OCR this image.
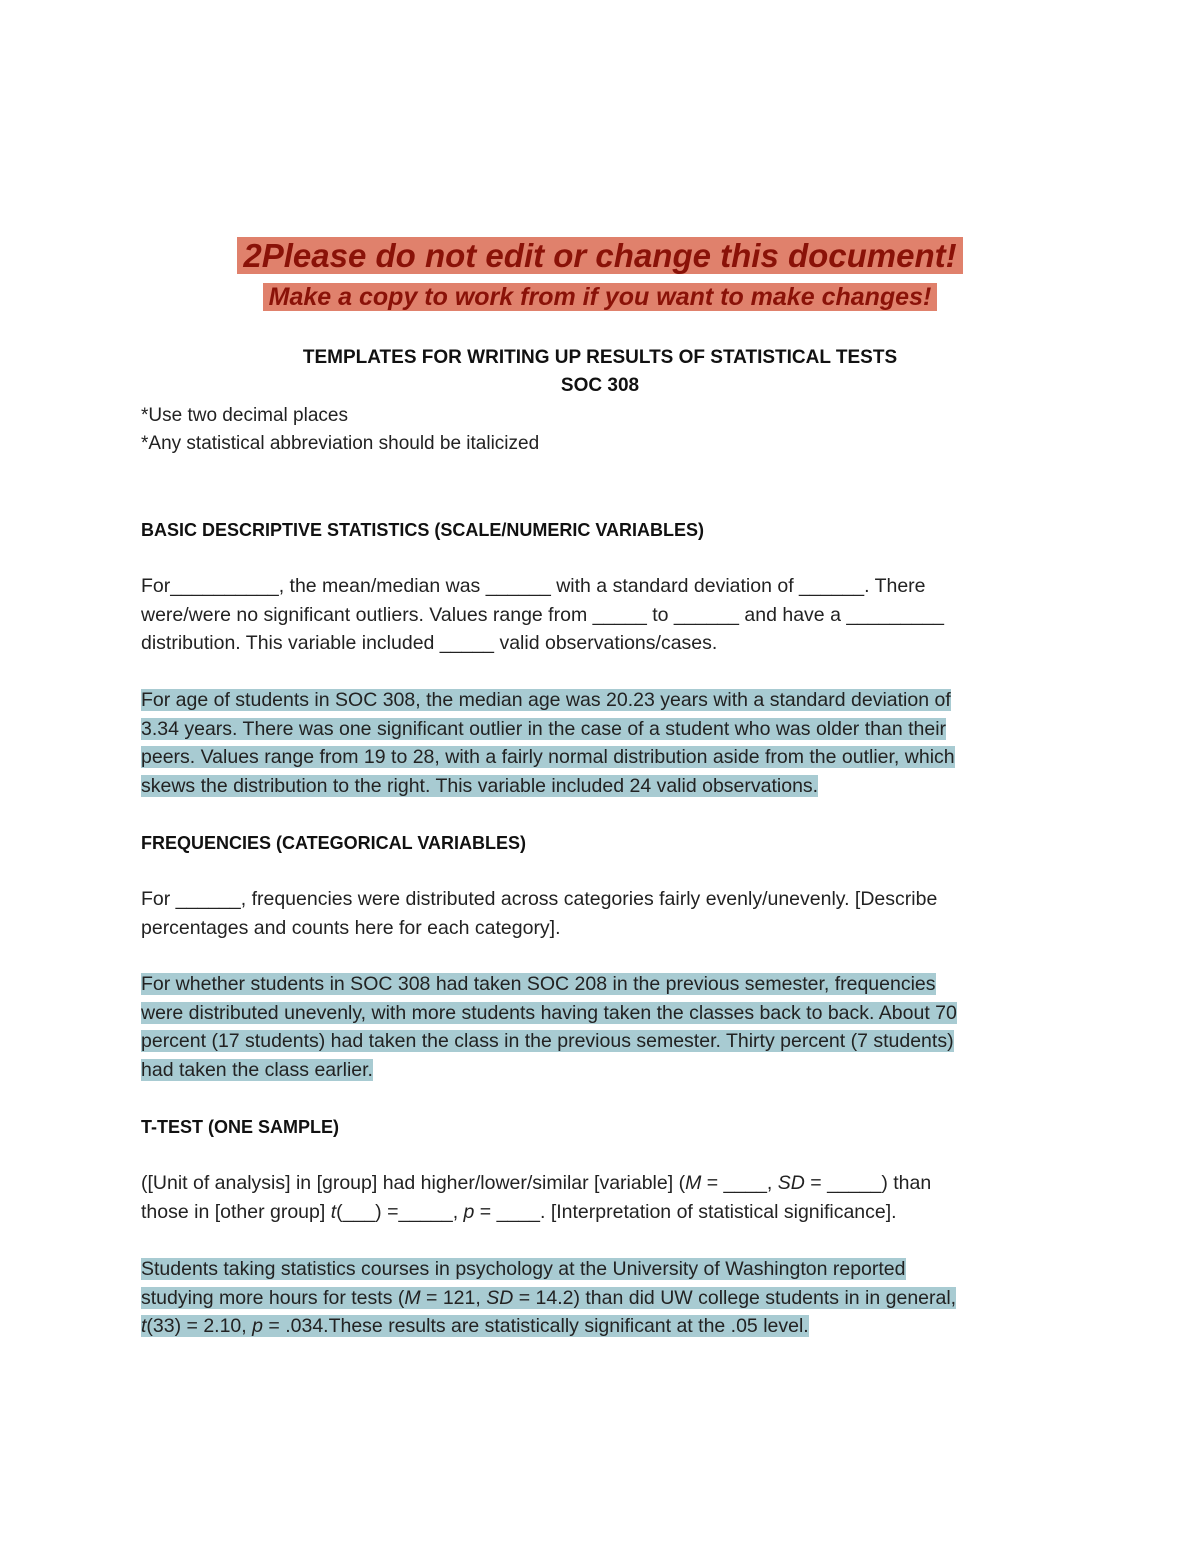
2Please do not edit or change this document!
Make a copy to work from if you want to make changes!
TEMPLATES FOR WRITING UP RESULTS OF STATISTICAL TESTS
SOC 308
*Use two decimal places
*Any statistical abbreviation should be italicized
BASIC DESCRIPTIVE STATISTICS (SCALE/NUMERIC VARIABLES)

For__________, the mean/median was ______ with a standard deviation of ______. There

were/were no significant outliers. Values range from _____ to ______ and have a _________

distribution. This variable included _____ valid observations/cases.

For age of students in SOC 308, the median age was 20.23 years with a standard deviation of
3.34 years. There was one significant outlier in the case of a student who was older than their
peers. Values range from 19 to 28, with a fairly normal distribution aside from the outlier, which
skews the distribution to the right. This variable included 24 valid observations.
FREQUENCIES (CATEGORICAL VARIABLES)

For ______, frequencies were distributed across categories fairly evenly/unevenly. [Describe

percentages and counts here for each category].

For whether students in SOC 308 had taken SOC 208 in the previous semester, frequencies
were distributed unevenly, with more students having taken the classes back to back. About 70
percent (17 students) had taken the class in the previous semester. Thirty percent (7 students)
had taken the class earlier.
T-TEST (ONE SAMPLE)

([Unit of analysis] in [group] had higher/lower/similar [variable] (M = ____, SD = _____) than

those in [other group] t(___) =_____, p = ____. [Interpretation of statistical significance].

Students taking statistics courses in psychology at the University of Washington reported
studying more hours for tests (M = 121, SD = 14.2) than did UW college students in in general,
t(33) = 2.10, p = .034.These results are statistically significant at the .05 level.
